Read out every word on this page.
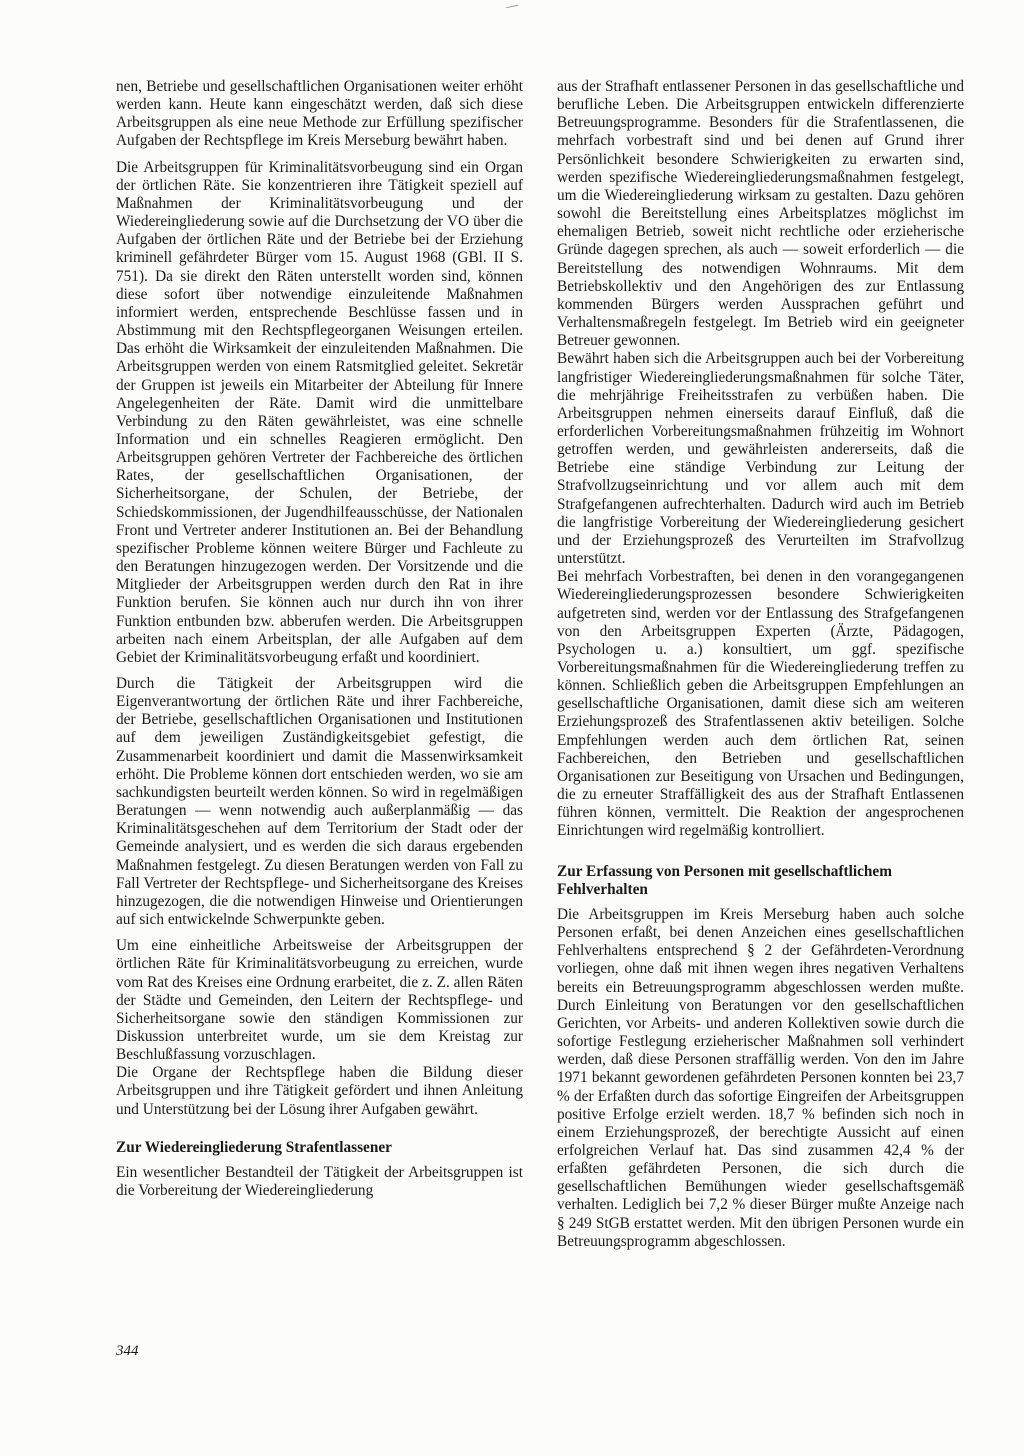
nen, Betriebe und gesellschaftlichen Organisationen weiter erhöht werden kann. Heute kann eingeschätzt werden, daß sich diese Arbeitsgruppen als eine neue Methode zur Erfüllung spezifischer Aufgaben der Rechtspflege im Kreis Merseburg bewährt haben.

Die Arbeitsgruppen für Kriminalitätsvorbeugung sind ein Organ der örtlichen Räte. Sie konzentrieren ihre Tätigkeit speziell auf Maßnahmen der Kriminalitätsvorbeugung und der Wiedereingliederung sowie auf die Durchsetzung der VO über die Aufgaben der örtlichen Räte und der Betriebe bei der Erziehung kriminell gefährdeter Bürger vom 15. August 1968 (GBl. II S. 751). Da sie direkt den Räten unterstellt worden sind, können diese sofort über notwendige einzuleitende Maßnahmen informiert werden, entsprechende Beschlüsse fassen und in Abstimmung mit den Rechtspflegeorganen Weisungen erteilen. Das erhöht die Wirksamkeit der einzuleitenden Maßnahmen. Die Arbeitsgruppen werden von einem Ratsmitglied geleitet. Sekretär der Gruppen ist jeweils ein Mitarbeiter der Abteilung für Innere Angelegenheiten der Räte. Damit wird die unmittelbare Verbindung zu den Räten gewährleistet, was eine schnelle Information und ein schnelles Reagieren ermöglicht. Den Arbeitsgruppen gehören Vertreter der Fachbereiche des örtlichen Rates, der gesellschaftlichen Organisationen, der Sicherheitsorgane, der Schulen, der Betriebe, der Schiedskommissionen, der Jugendhilfeausschüsse, der Nationalen Front und Vertreter anderer Institutionen an. Bei der Behandlung spezifischer Probleme können weitere Bürger und Fachleute zu den Beratungen hinzugezogen werden. Der Vorsitzende und die Mitglieder der Arbeitsgruppen werden durch den Rat in ihre Funktion berufen. Sie können auch nur durch ihn von ihrer Funktion entbunden bzw. abberufen werden. Die Arbeitsgruppen arbeiten nach einem Arbeitsplan, der alle Aufgaben auf dem Gebiet der Kriminalitätsvorbeugung erfaßt und koordiniert.

Durch die Tätigkeit der Arbeitsgruppen wird die Eigenverantwortung der örtlichen Räte und ihrer Fachbereiche, der Betriebe, gesellschaftlichen Organisationen und Institutionen auf dem jeweiligen Zuständigkeitsgebiet gefestigt, die Zusammenarbeit koordiniert und damit die Massenwirksamkeit erhöht. Die Probleme können dort entschieden werden, wo sie am sachkundigsten beurteilt werden können. So wird in regelmäßigen Beratungen — wenn notwendig auch außerplanmäßig — das Kriminalitätsgeschehen auf dem Territorium der Stadt oder der Gemeinde analysiert, und es werden die sich daraus ergebenden Maßnahmen festgelegt. Zu diesen Beratungen werden von Fall zu Fall Vertreter der Rechtspflege- und Sicherheitsorgane des Kreises hinzugezogen, die die notwendigen Hinweise und Orientierungen auf sich entwickelnde Schwerpunkte geben.

Um eine einheitliche Arbeitsweise der Arbeitsgruppen der örtlichen Räte für Kriminalitätsvorbeugung zu erreichen, wurde vom Rat des Kreises eine Ordnung erarbeitet, die z. Z. allen Räten der Städte und Gemeinden, den Leitern der Rechtspflege- und Sicherheitsorgane sowie den ständigen Kommissionen zur Diskussion unterbreitet wurde, um sie dem Kreistag zur Beschlußfassung vorzuschlagen.

Die Organe der Rechtspflege haben die Bildung dieser Arbeitsgruppen und ihre Tätigkeit gefördert und ihnen Anleitung und Unterstützung bei der Lösung ihrer Aufgaben gewährt.

Zur Wiedereingliederung Strafentlassener

Ein wesentlicher Bestandteil der Tätigkeit der Arbeitsgruppen ist die Vorbereitung der Wiedereingliederung

aus der Strafhaft entlassener Personen in das gesellschaftliche und berufliche Leben. Die Arbeitsgruppen entwickeln differenzierte Betreuungsprogramme. Besonders für die Strafentlassenen, die mehrfach vorbestraft sind und bei denen auf Grund ihrer Persönlichkeit besondere Schwierigkeiten zu erwarten sind, werden spezifische Wiedereingliederungsmaßnahmen festgelegt, um die Wiedereingliederung wirksam zu gestalten. Dazu gehören sowohl die Bereitstellung eines Arbeitsplatzes möglichst im ehemaligen Betrieb, soweit nicht rechtliche oder erzieherische Gründe dagegen sprechen, als auch — soweit erforderlich — die Bereitstellung des notwendigen Wohnraums. Mit dem Betriebskollektiv und den Angehörigen des zur Entlassung kommenden Bürgers werden Aussprachen geführt und Verhaltensmaßregeln festgelegt. Im Betrieb wird ein geeigneter Betreuer gewonnen.

Bewährt haben sich die Arbeitsgruppen auch bei der Vorbereitung langfristiger Wiedereingliederungsmaßnahmen für solche Täter, die mehrjährige Freiheitsstrafen zu verbüßen haben. Die Arbeitsgruppen nehmen einerseits darauf Einfluß, daß die erforderlichen Vorbereitungsmaßnahmen frühzeitig im Wohnort getroffen werden, und gewährleisten andererseits, daß die Betriebe eine ständige Verbindung zur Leitung der Strafvollzugseinrichtung und vor allem auch mit dem Strafgefangenen aufrechterhalten. Dadurch wird auch im Betrieb die langfristige Vorbereitung der Wiedereingliederung gesichert und der Erziehungsprozeß des Verurteilten im Strafvollzug unterstützt.

Bei mehrfach Vorbestraften, bei denen in den vorangegangenen Wiedereingliederungsprozessen besondere Schwierigkeiten aufgetreten sind, werden vor der Entlassung des Strafgefangenen von den Arbeitsgruppen Experten (Ärzte, Pädagogen, Psychologen u. a.) konsultiert, um ggf. spezifische Vorbereitungsmaßnahmen für die Wiedereingliederung treffen zu können. Schließlich geben die Arbeitsgruppen Empfehlungen an gesellschaftliche Organisationen, damit diese sich am weiteren Erziehungsprozeß des Strafentlassenen aktiv beteiligen. Solche Empfehlungen werden auch dem örtlichen Rat, seinen Fachbereichen, den Betrieben und gesellschaftlichen Organisationen zur Beseitigung von Ursachen und Bedingungen, die zu erneuter Straffälligkeit des aus der Strafhaft Entlassenen führen können, vermittelt. Die Reaktion der angesprochenen Einrichtungen wird regelmäßig kontrolliert.

Zur Erfassung von Personen mit gesellschaftlichem Fehlverhalten

Die Arbeitsgruppen im Kreis Merseburg haben auch solche Personen erfaßt, bei denen Anzeichen eines gesellschaftlichen Fehlverhaltens entsprechend § 2 der Gefährdeten-Verordnung vorliegen, ohne daß mit ihnen wegen ihres negativen Verhaltens bereits ein Betreuungsprogramm abgeschlossen werden mußte. Durch Einleitung von Beratungen vor den gesellschaftlichen Gerichten, vor Arbeits- und anderen Kollektiven sowie durch die sofortige Festlegung erzieherischer Maßnahmen soll verhindert werden, daß diese Personen straffällig werden. Von den im Jahre 1971 bekannt gewordenen gefährdeten Personen konnten bei 23,7 % der Erfaßten durch das sofortige Eingreifen der Arbeitsgruppen positive Erfolge erzielt werden. 18,7 % befinden sich noch in einem Erziehungsprozeß, der berechtigte Aussicht auf einen erfolgreichen Verlauf hat. Das sind zusammen 42,4 % der erfaßten gefährdeten Personen, die sich durch die gesellschaftlichen Bemühungen wieder gesellschaftsgemäß verhalten. Lediglich bei 7,2 % dieser Bürger mußte Anzeige nach § 249 StGB erstattet werden. Mit den übrigen Personen wurde ein Betreuungsprogramm abgeschlossen.

344
